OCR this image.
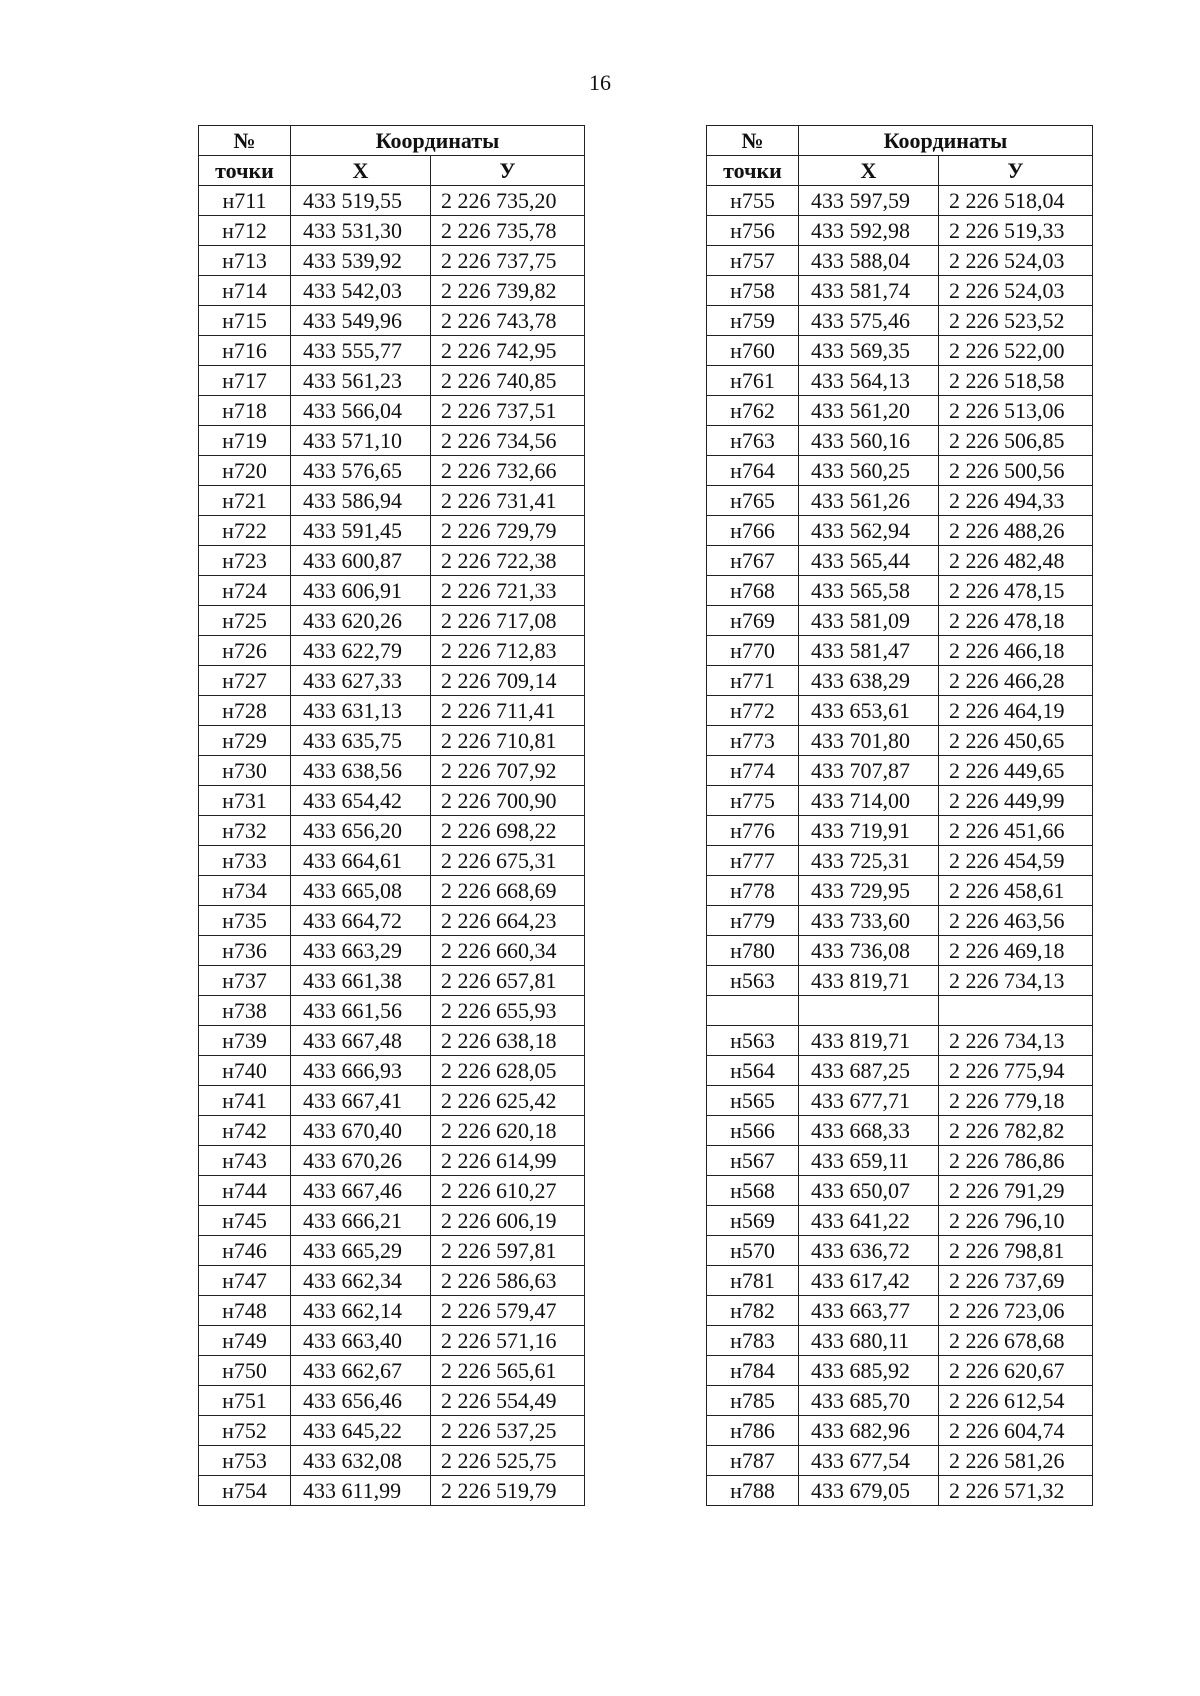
16
№	Координаты	
точки	X	У
н711	433 519,55	2 226 735,20
н712	433 531,30	2 226 735,78
н713	433 539,92	2 226 737,75
н714	433 542,03	2 226 739,82
н715	433 549,96	2 226 743,78
н716	433 555,77	2 226 742,95
н717	433 561,23	2 226 740,85
н718	433 566,04	2 226 737,51
н719	433 571,10	2 226 734,56
н720	433 576,65	2 226 732,66
н721	433 586,94	2 226 731,41
н722	433 591,45	2 226 729,79
н723	433 600,87	2 226 722,38
н724	433 606,91	2 226 721,33
н725	433 620,26	2 226 717,08
н726	433 622,79	2 226 712,83
н727	433 627,33	2 226 709,14
н728	433 631,13	2 226 711,41
н729	433 635,75	2 226 710,81
н730	433 638,56	2 226 707,92
н731	433 654,42	2 226 700,90
н732	433 656,20	2 226 698,22
н733	433 664,61	2 226 675,31
н734	433 665,08	2 226 668,69
н735	433 664,72	2 226 664,23
н736	433 663,29	2 226 660,34
н737	433 661,38	2 226 657,81
н738	433 661,56	2 226 655,93
н739	433 667,48	2 226 638,18
н740	433 666,93	2 226 628,05
н741	433 667,41	2 226 625,42
н742	433 670,40	2 226 620,18
н743	433 670,26	2 226 614,99
н744	433 667,46	2 226 610,27
н745	433 666,21	2 226 606,19
н746	433 665,29	2 226 597,81
н747	433 662,34	2 226 586,63
н748	433 662,14	2 226 579,47
н749	433 663,40	2 226 571,16
н750	433 662,67	2 226 565,61
н751	433 656,46	2 226 554,49
н752	433 645,22	2 226 537,25
н753	433 632,08	2 226 525,75
н754	433 611,99	2 226 519,79
№	Координаты	
точки	X	У
н755	433 597,59	2 226 518,04
н756	433 592,98	2 226 519,33
н757	433 588,04	2 226 524,03
н758	433 581,74	2 226 524,03
н759	433 575,46	2 226 523,52
н760	433 569,35	2 226 522,00
н761	433 564,13	2 226 518,58
н762	433 561,20	2 226 513,06
н763	433 560,16	2 226 506,85
н764	433 560,25	2 226 500,56
н765	433 561,26	2 226 494,33
н766	433 562,94	2 226 488,26
н767	433 565,44	2 226 482,48
н768	433 565,58	2 226 478,15
н769	433 581,09	2 226 478,18
н770	433 581,47	2 226 466,18
н771	433 638,29	2 226 466,28
н772	433 653,61	2 226 464,19
н773	433 701,80	2 226 450,65
н774	433 707,87	2 226 449,65
н775	433 714,00	2 226 449,99
н776	433 719,91	2 226 451,66
н777	433 725,31	2 226 454,59
н778	433 729,95	2 226 458,61
н779	433 733,60	2 226 463,56
н780	433 736,08	2 226 469,18
н563	433 819,71	2 226 734,13

н563	433 819,71	2 226 734,13
н564	433 687,25	2 226 775,94
н565	433 677,71	2 226 779,18
н566	433 668,33	2 226 782,82
н567	433 659,11	2 226 786,86
н568	433 650,07	2 226 791,29
н569	433 641,22	2 226 796,10
н570	433 636,72	2 226 798,81
н781	433 617,42	2 226 737,69
н782	433 663,77	2 226 723,06
н783	433 680,11	2 226 678,68
н784	433 685,92	2 226 620,67
н785	433 685,70	2 226 612,54
н786	433 682,96	2 226 604,74
н787	433 677,54	2 226 581,26
н788	433 679,05	2 226 571,32
